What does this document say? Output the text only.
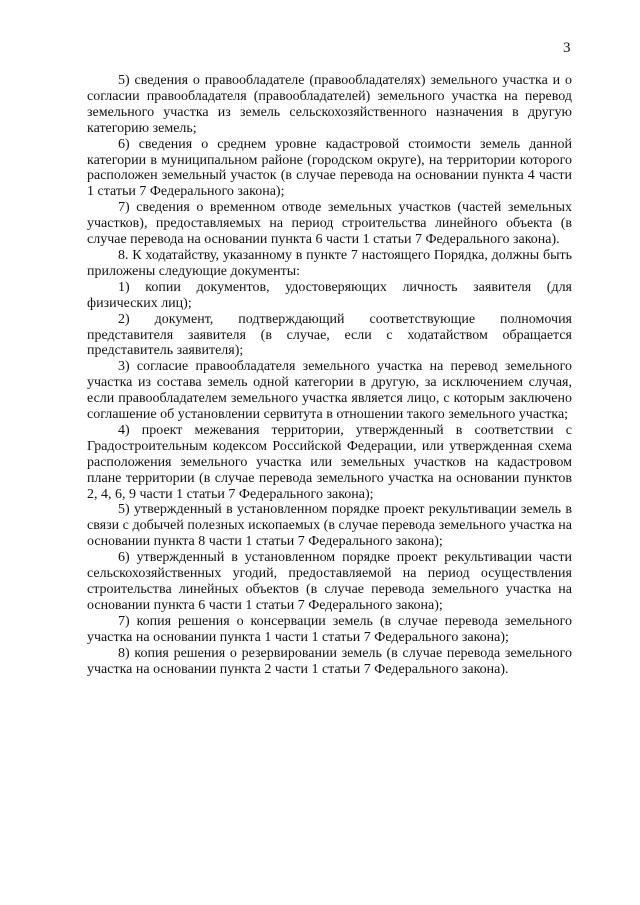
3

5) сведения о правообладателе (правообладателях) земельного участка и о согласии правообладателя (правообладателей) земельного участка на перевод земельного участка из земель сельскохозяйственного назначения в другую категорию земель;

6) сведения о среднем уровне кадастровой стоимости земель данной категории в муниципальном районе (городском округе), на территории которого расположен земельный участок (в случае перевода на основании пункта 4 части 1 статьи 7 Федерального закона);

7) сведения о временном отводе земельных участков (частей земельных участков), предоставляемых на период строительства линейного объекта (в случае перевода на основании пункта 6 части 1 статьи 7 Федерального закона).

8. К ходатайству, указанному в пункте 7 настоящего Порядка, должны быть приложены следующие документы:

1) копии документов, удостоверяющих личность заявителя (для физических лиц);

2) документ, подтверждающий соответствующие полномочия представителя заявителя (в случае, если с ходатайством обращается представитель заявителя);

3) согласие правообладателя земельного участка на перевод земельного участка из состава земель одной категории в другую, за исключением случая, если правообладателем земельного участка является лицо, с которым заключено соглашение об установлении сервитута в отношении такого земельного участка;

4) проект межевания территории, утвержденный в соответствии с Градостроительным кодексом Российской Федерации, или утвержденная схема расположения земельного участка или земельных участков на кадастровом плане территории (в случае перевода земельного участка на основании пунктов 2, 4, 6, 9 части 1 статьи 7 Федерального закона);

5) утвержденный в установленном порядке проект рекультивации земель в связи с добычей полезных ископаемых (в случае перевода земельного участка на основании пункта 8 части 1 статьи 7 Федерального закона);

6) утвержденный в установленном порядке проект рекультивации части сельскохозяйственных угодий, предоставляемой на период осуществления строительства линейных объектов (в случае перевода земельного участка на основании пункта 6 части 1 статьи 7 Федерального закона);

7) копия решения о консервации земель (в случае перевода земельного участка на основании пункта 1 части 1 статьи 7 Федерального закона);

8) копия решения о резервировании земель (в случае перевода земельного участка на основании пункта 2 части 1 статьи 7 Федерального закона).
